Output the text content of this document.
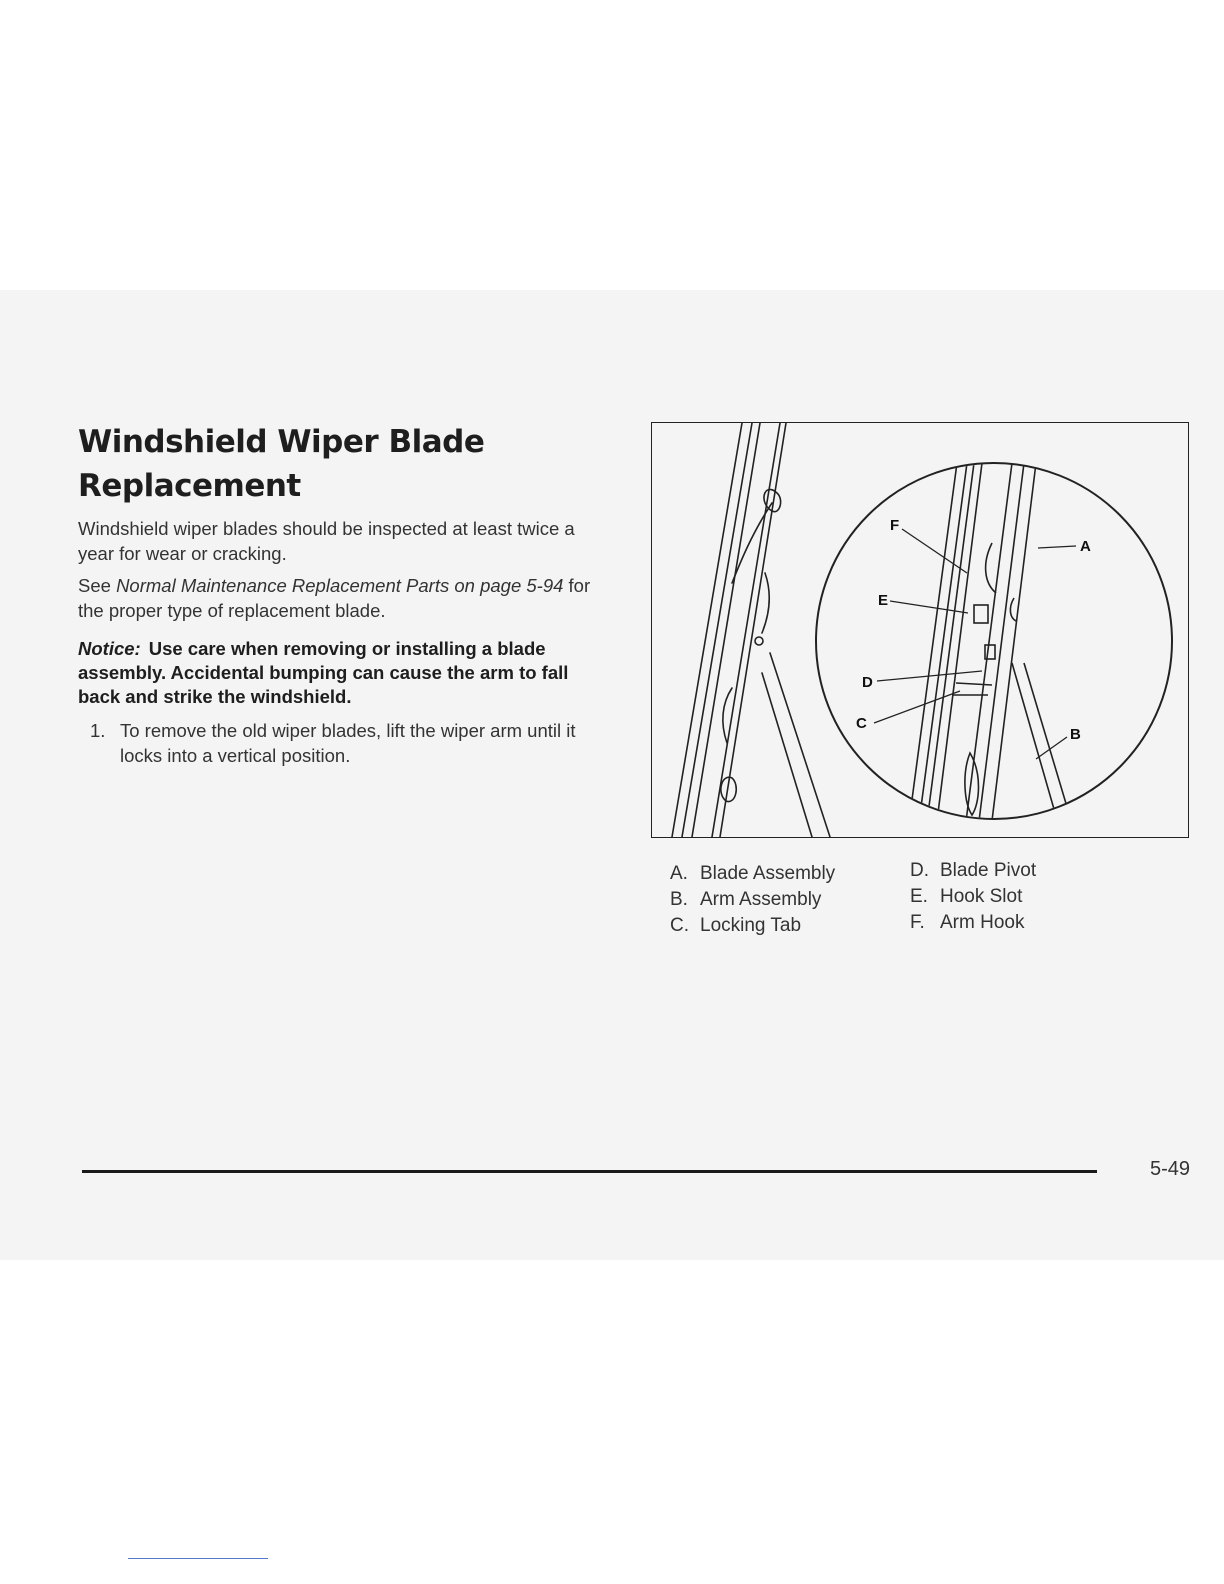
Windshield Wiper Blade Replacement

Windshield wiper blades should be inspected at least twice a year for wear or cracking.

See Normal Maintenance Replacement Parts on page 5-94 for the proper type of replacement blade.

Notice: Use care when removing or installing a blade assembly. Accidental bumping can cause the arm to fall back and strike the windshield.

1. To remove the old wiper blades, lift the wiper arm until it locks into a vertical position.
F
A
E
D
C
B
A. Blade Assembly
B. Arm Assembly
C. Locking Tab
D. Blade Pivot
E. Hook Slot
F. Arm Hook
5-49
